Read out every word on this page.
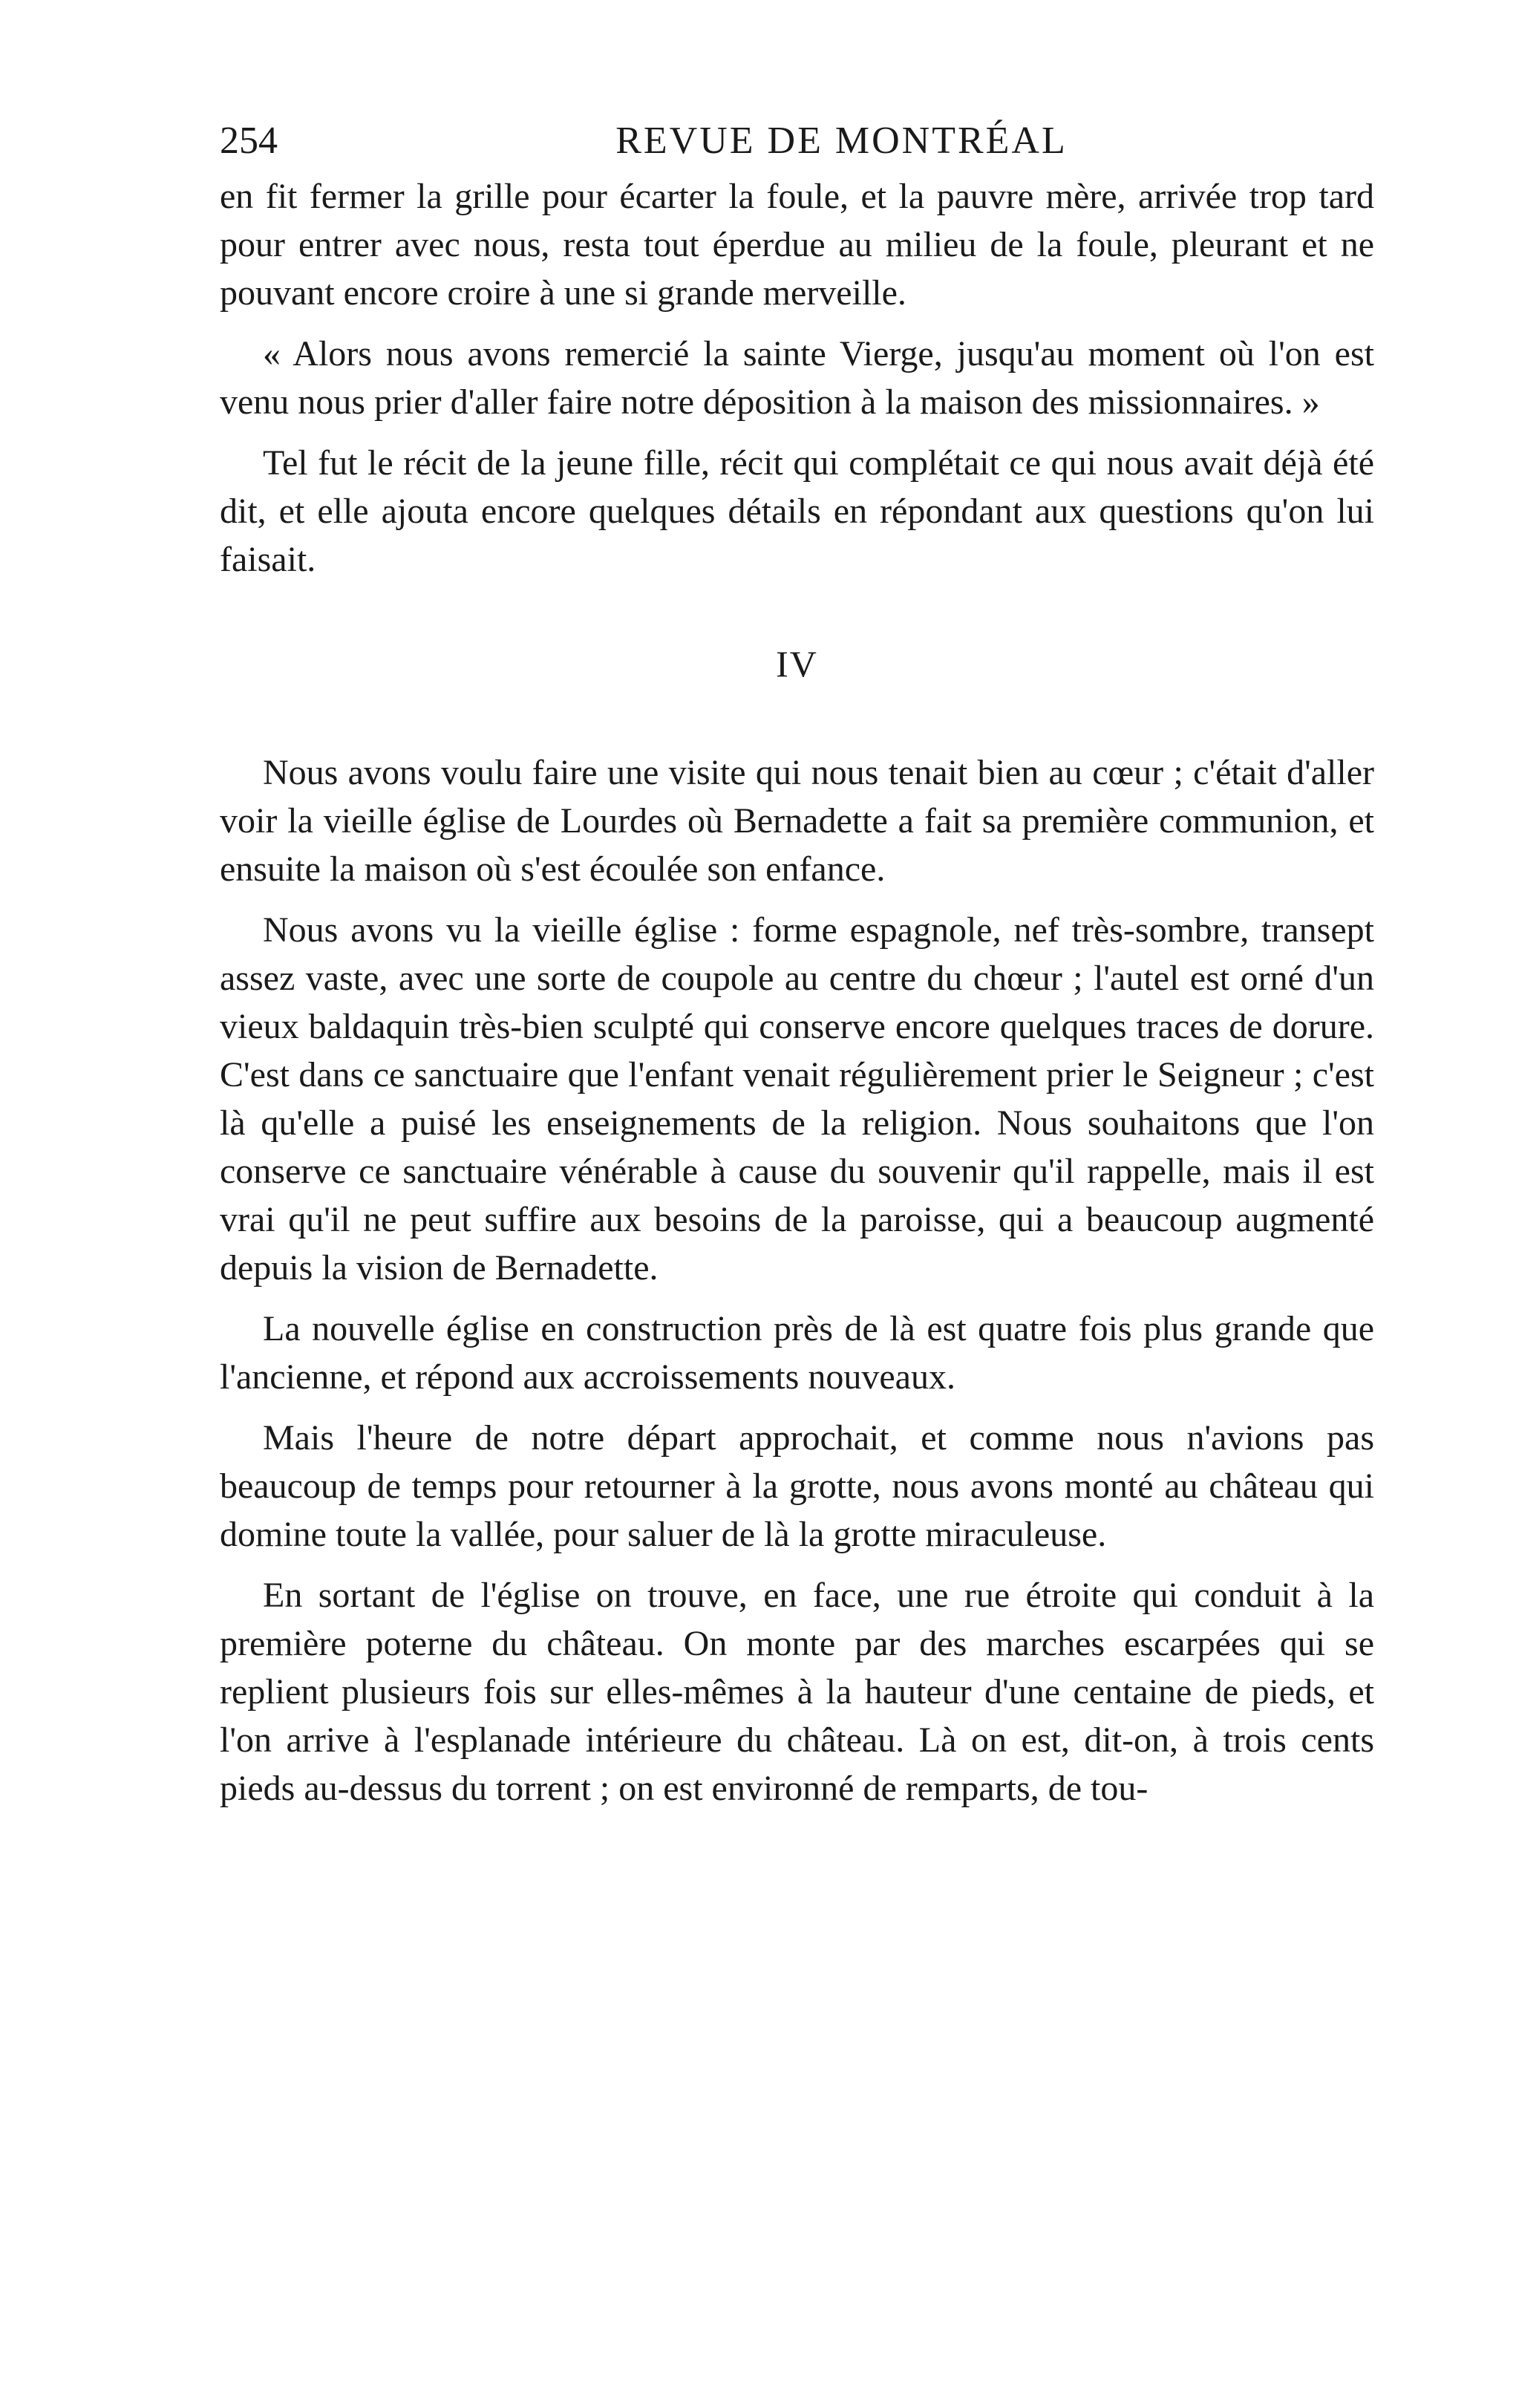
254	REVUE DE MONTRÉAL

en fit fermer la grille pour écarter la foule, et la pauvre mère, arrivée trop tard pour entrer avec nous, resta tout éperdue au milieu de la foule, pleurant et ne pouvant encore croire à une si grande merveille.

« Alors nous avons remercié la sainte Vierge, jusqu'au moment où l'on est venu nous prier d'aller faire notre déposition à la maison des missionnaires. »

Tel fut le récit de la jeune fille, récit qui complétait ce qui nous avait déjà été dit, et elle ajouta encore quelques détails en répondant aux questions qu'on lui faisait.

IV

Nous avons voulu faire une visite qui nous tenait bien au cœur ; c'était d'aller voir la vieille église de Lourdes où Bernadette a fait sa première communion, et ensuite la maison où s'est écoulée son enfance.

Nous avons vu la vieille église : forme espagnole, nef très-sombre, transept assez vaste, avec une sorte de coupole au centre du chœur ; l'autel est orné d'un vieux baldaquin très-bien sculpté qui conserve encore quelques traces de dorure. C'est dans ce sanctuaire que l'enfant venait régulièrement prier le Seigneur ; c'est là qu'elle a puisé les enseignements de la religion. Nous souhaitons que l'on conserve ce sanctuaire vénérable à cause du souvenir qu'il rappelle, mais il est vrai qu'il ne peut suffire aux besoins de la paroisse, qui a beaucoup augmenté depuis la vision de Bernadette.

La nouvelle église en construction près de là est quatre fois plus grande que l'ancienne, et répond aux accroissements nouveaux.

Mais l'heure de notre départ approchait, et comme nous n'avions pas beaucoup de temps pour retourner à la grotte, nous avons monté au château qui domine toute la vallée, pour saluer de là la grotte miraculeuse.

En sortant de l'église on trouve, en face, une rue étroite qui conduit à la première poterne du château. On monte par des marches escarpées qui se replient plusieurs fois sur elles-mêmes à la hauteur d'une centaine de pieds, et l'on arrive à l'esplanade intérieure du château. Là on est, dit-on, à trois cents pieds au-dessus du torrent ; on est environné de remparts, de tou-
